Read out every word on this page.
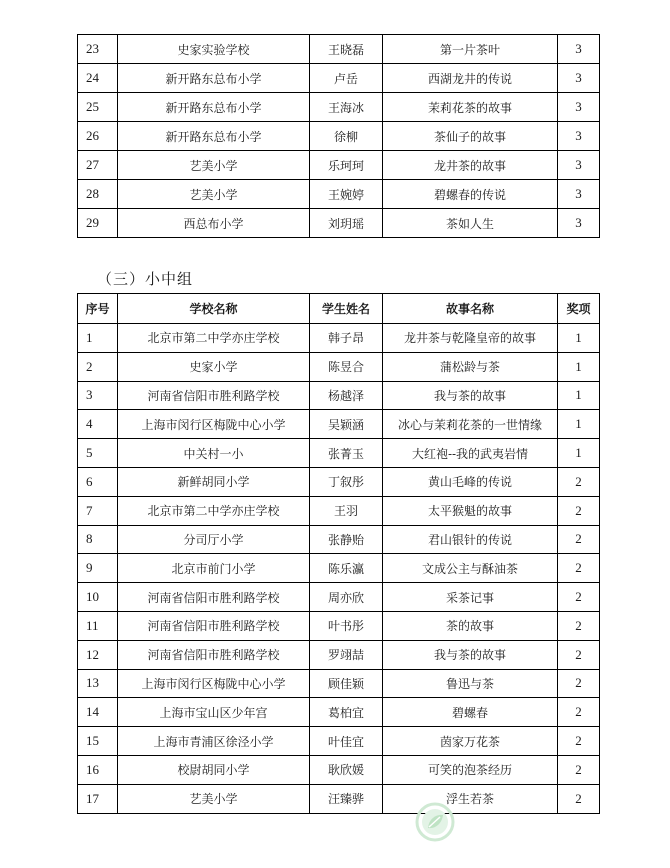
23	史家实验学校	王晓磊	第一片茶叶	3
24	新开路东总布小学	卢岳	西湖龙井的传说	3
25	新开路东总布小学	王海冰	茉莉花茶的故事	3
26	新开路东总布小学	徐柳	茶仙子的故事	3
27	艺美小学	乐珂珂	龙井茶的故事	3
28	艺美小学	王婉婷	碧螺春的传说	3
29	西总布小学	刘玥瑶	茶如人生	3
（三）小中组
序号	学校名称	学生姓名	故事名称	奖项
1	北京市第二中学亦庄学校	韩子昂	龙井茶与乾隆皇帝的故事	1
2	史家小学	陈昱合	蒲松龄与茶	1
3	河南省信阳市胜利路学校	杨越泽	我与茶的故事	1
4	上海市闵行区梅陇中心小学	吴颖涵	冰心与茉莉花茶的一世情缘	1
5	中关村一小	张菁玉	大红袍--我的武夷岩情	1
6	新鲜胡同小学	丁叙彤	黄山毛峰的传说	2
7	北京市第二中学亦庄学校	王羽	太平猴魁的故事	2
8	分司厅小学	张静贻	君山银针的传说	2
9	北京市前门小学	陈乐瀛	文成公主与酥油茶	2
10	河南省信阳市胜利路学校	周亦欣	采茶记事	2
11	河南省信阳市胜利路学校	叶书彤	茶的故事	2
12	河南省信阳市胜利路学校	罗翊喆	我与茶的故事	2
13	上海市闵行区梅陇中心小学	顾佳颖	鲁迅与茶	2
14	上海市宝山区少年宫	葛柏宜	碧螺春	2
15	上海市青浦区徐泾小学	叶佳宜	茵家万花茶	2
16	校尉胡同小学	耿欣媛	可笑的泡茶经历	2
17	艺美小学	汪臻骅	浮生若茶	2
